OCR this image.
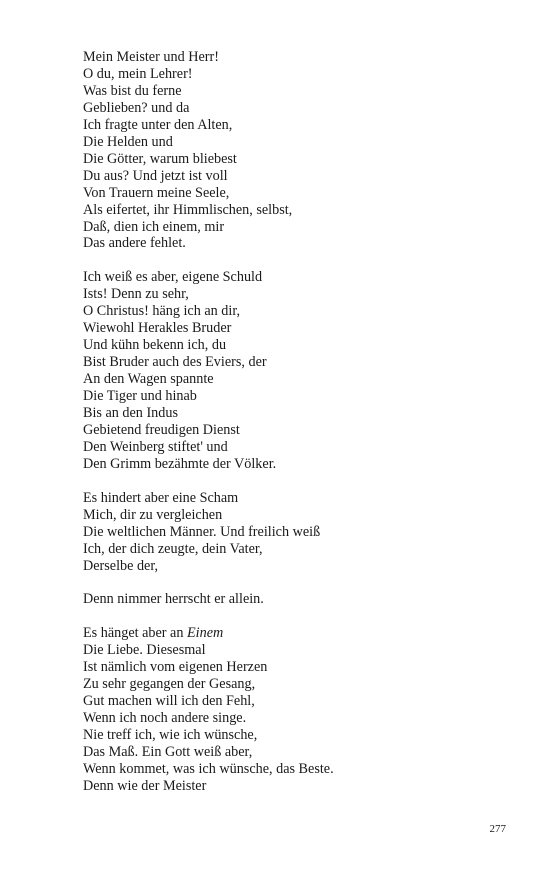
Mein Meister und Herr!
O du, mein Lehrer!
Was bist du ferne
Geblieben? und da
Ich fragte unter den Alten,
Die Helden und
Die Götter, warum bliebest
Du aus? Und jetzt ist voll
Von Trauern meine Seele,
Als eifertet, ihr Himmlischen, selbst,
Daß, dien ich einem, mir
Das andere fehlet.
Ich weiß es aber, eigene Schuld
Ists! Denn zu sehr,
O Christus! häng ich an dir,
Wiewohl Herakles Bruder
Und kühn bekenn ich, du
Bist Bruder auch des Eviers, der
An den Wagen spannte
Die Tiger und hinab
Bis an den Indus
Gebietend freudigen Dienst
Den Weinberg stiftet' und
Den Grimm bezähmte der Völker.
Es hindert aber eine Scham
Mich, dir zu vergleichen
Die weltlichen Männer. Und freilich weiß
Ich, der dich zeugte, dein Vater,
Derselbe der,
Denn nimmer herrscht er allein.
Es hänget aber an Einem
Die Liebe. Diesesmal
Ist nämlich vom eigenen Herzen
Zu sehr gegangen der Gesang,
Gut machen will ich den Fehl,
Wenn ich noch andere singe.
Nie treff ich, wie ich wünsche,
Das Maß. Ein Gott weiß aber,
Wenn kommet, was ich wünsche, das Beste.
Denn wie der Meister
277
